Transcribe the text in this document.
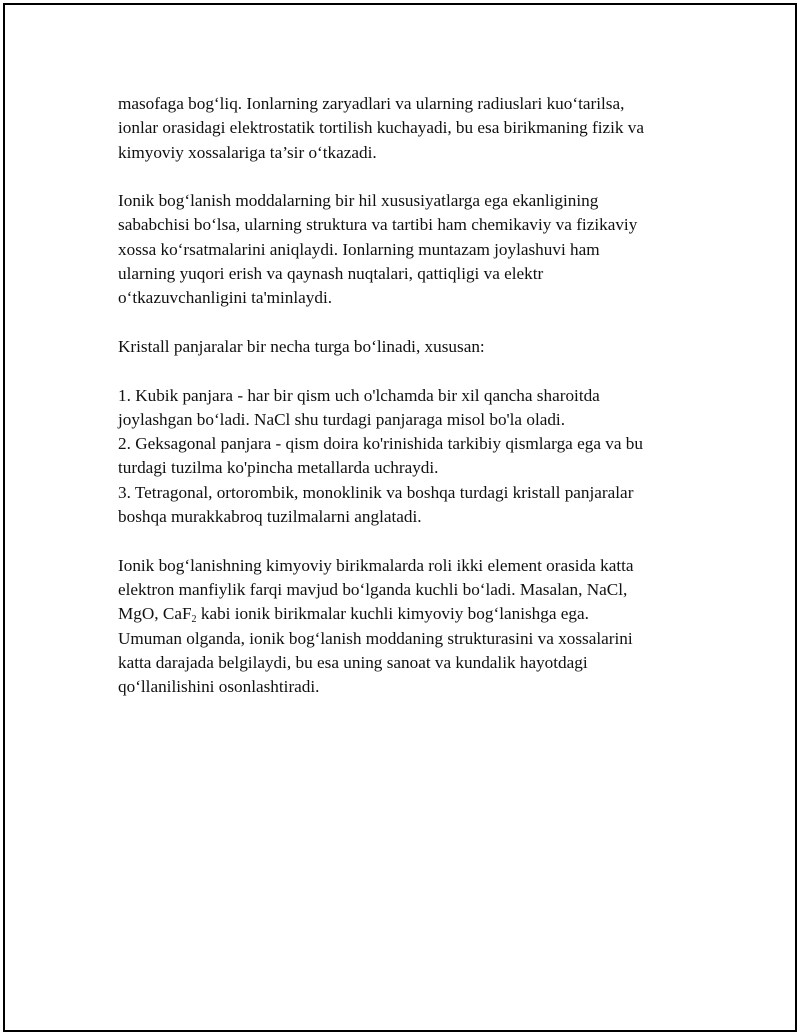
masofaga bog‘liq. Ionlarning zaryadlari va ularning radiuslari kuo‘tarilsa,
ionlar orasidagi elektrostatik tortilish kuchayadi, bu esa birikmaning fizik va
kimyoviy xossalariga ta’sir o‘tkazadi.

Ionik bog‘lanish moddalarning bir hil xususiyatlarga ega ekanligining
sababchisi bo‘lsa, ularning struktura va tartibi ham chemikaviy va fizikaviy
xossa ko‘rsatmalarini aniqlaydi. Ionlarning muntazam joylashuvi ham
ularning yuqori erish va qaynash nuqtalari, qattiqligi va elektr
o‘tkazuvchanligini ta'minlaydi.

Kristall panjaralar bir necha turga bo‘linadi, xususan:

1. Kubik panjara - har bir qism uch o'lchamda bir xil qancha sharoitda
joylashgan bo‘ladi. NaCl shu turdagi panjaraga misol bo'la oladi.
2. Geksagonal panjara - qism doira ko'rinishida tarkibiy qismlarga ega va bu
turdagi tuzilma ko'pincha metallarda uchraydi.
3. Tetragonal, ortorombik, monoklinik va boshqa turdagi kristall panjaralar
boshqa murakkabroq tuzilmalarni anglatadi.

Ionik bog‘lanishning kimyoviy birikmalarda roli ikki element orasida katta
elektron manfiylik farqi mavjud bo‘lganda kuchli bo‘ladi. Masalan, NaCl,
MgO, CaF$_2$ kabi ionik birikmalar kuchli kimyoviy bog‘lanishga ega.
Umuman olganda, ionik bog‘lanish moddaning strukturasini va xossalarini
katta darajada belgilaydi, bu esa uning sanoat va kundalik hayotdagi
qo‘llanilishini osonlashtiradi.
